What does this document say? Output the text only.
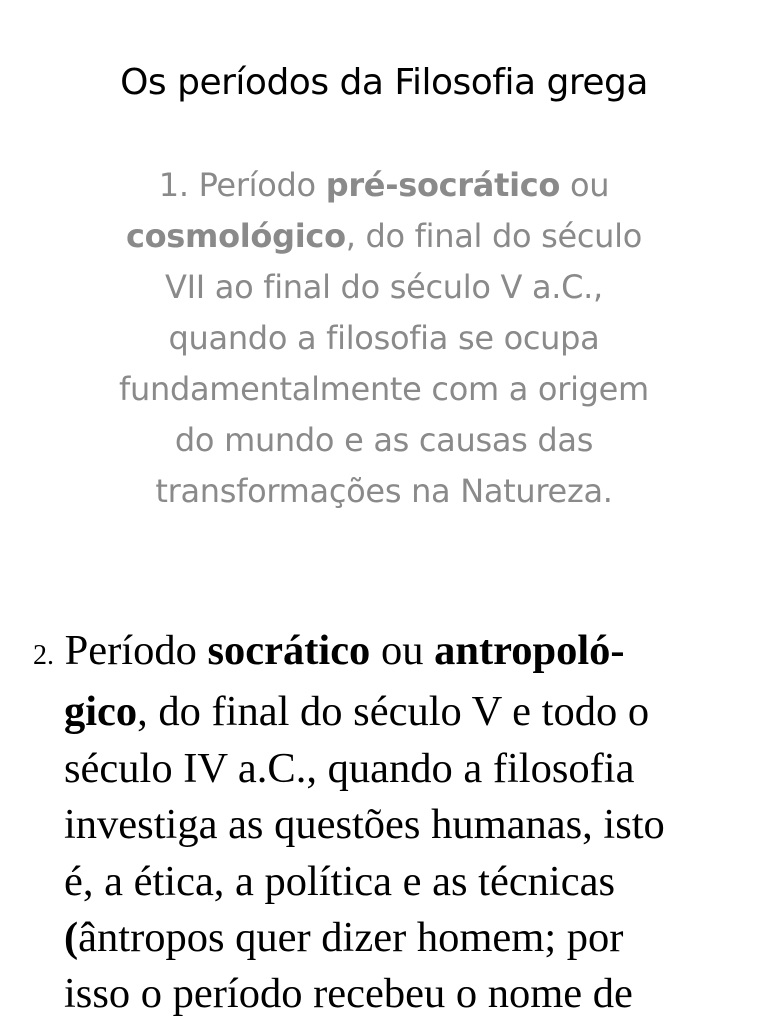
Os períodos da Filosofia grega
1. Período pré-socrático ou
cosmológico, do final do século
VII ao final do século V a.C.,
quando a filosofia se ocupa
fundamentalmente com a origem
do mundo e as causas das
transformações na Natureza.
2. Período socrático ou antropoló-
gico, do final do século V e todo o
século IV a.C., quando a filosofia
investiga as questões humanas, isto
é, a ética, a política e as técnicas
(ântropos quer dizer homem; por
isso o período recebeu o nome de
